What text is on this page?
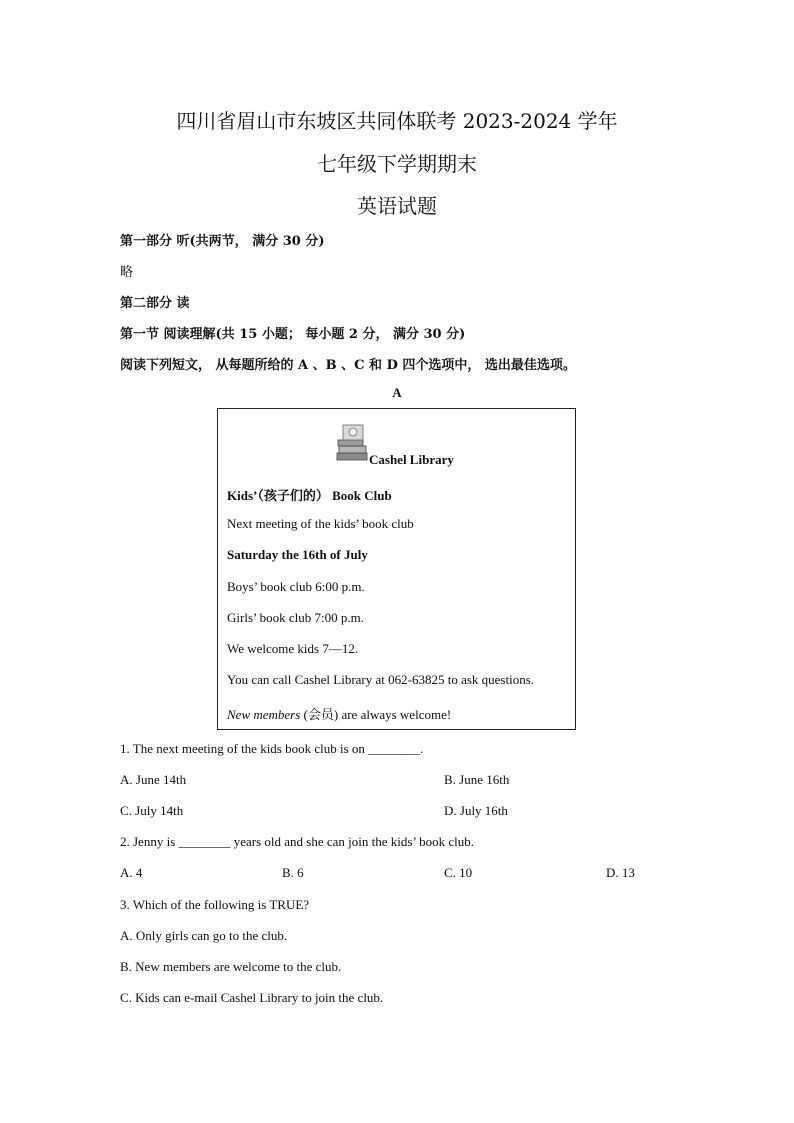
四川省眉山市东坡区共同体联考 2023-2024 学年
七年级下学期期末
英语试题
第一部分 听(共两节， 满分 30 分)
略
第二部分 读
第一节 阅读理解(共 15 小题； 每小题 2 分， 满分 30 分)
阅读下列短文， 从每题所给的 A 、B 、C 和 D 四个选项中， 选出最佳选项。
A
Cashel Library
Kids’（孩子们的） Book Club
Next meeting of the kids’ book club
Saturday the 16th of July
Boys’ book club 6:00 p.m.
Girls’ book club 7:00 p.m.
We welcome kids 7—12.
You can call Cashel Library at 062-63825 to ask questions.
New members (会员) are always welcome!
1. The next meeting of the kids book club is on ________.
A. June 14th	B. June 16th
C. July 14th	D. July 16th
2. Jenny is ________ years old and she can join the kids’ book club.
A. 4	B. 6	C. 10	D. 13
3. Which of the following is TRUE?
A. Only girls can go to the club.
B. New members are welcome to the club.
C. Kids can e-mail Cashel Library to join the club.
